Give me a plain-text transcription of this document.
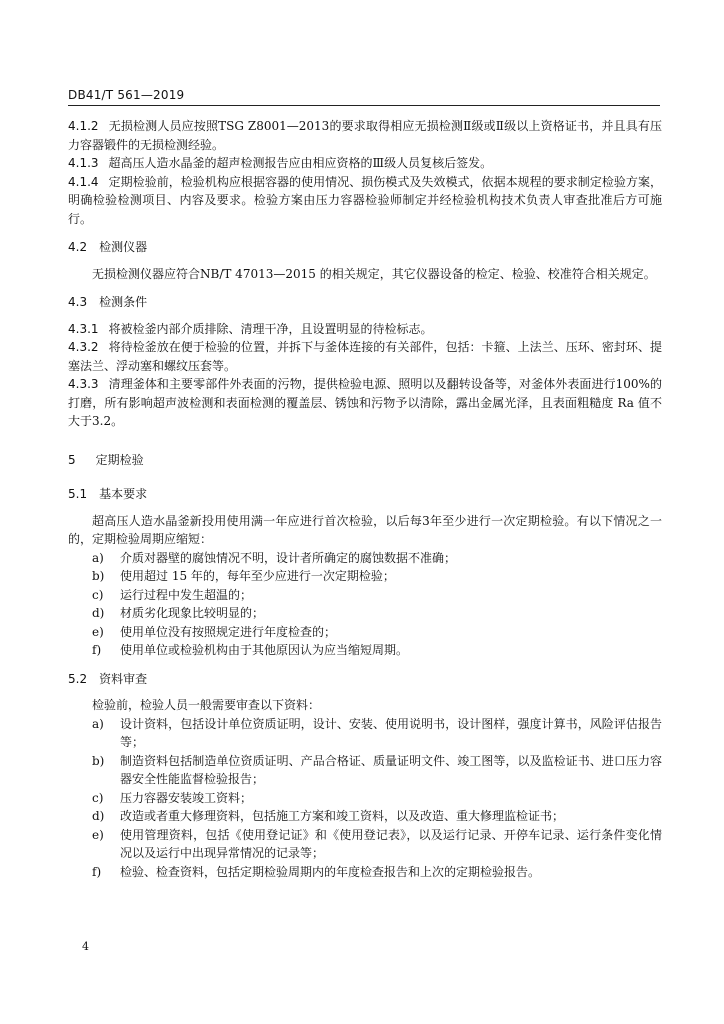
DB41/T 561—2019

4.1.2 无损检测人员应按照TSG Z8001—2013的要求取得相应无损检测Ⅱ级或Ⅱ级以上资格证书，并且具有压力容器锻件的无损检测经验。

4.1.3 超高压人造水晶釜的超声检测报告应由相应资格的Ⅲ级人员复核后签发。

4.1.4 定期检验前，检验机构应根据容器的使用情况、损伤模式及失效模式，依据本规程的要求制定检验方案，明确检验检测项目、内容及要求。检验方案由压力容器检验师制定并经检验机构技术负责人审查批准后方可施行。

4.2 检测仪器

无损检测仪器应符合NB/T 47013—2015 的相关规定，其它仪器设备的检定、检验、校准符合相关规定。

4.3 检测条件

4.3.1 将被检釜内部介质排除、清理干净，且设置明显的待检标志。

4.3.2 将待检釜放在便于检验的位置，并拆下与釜体连接的有关部件，包括：卡箍、上法兰、压环、密封环、提塞法兰、浮动塞和螺纹压套等。

4.3.3 清理釜体和主要零部件外表面的污物，提供检验电源、照明以及翻转设备等，对釜体外表面进行100%的打磨，所有影响超声波检测和表面检测的覆盖层、锈蚀和污物予以清除，露出金属光泽，且表面粗糙度 Ra 值不大于3.2。

5 定期检验

5.1 基本要求

超高压人造水晶釜新投用使用满一年应进行首次检验，以后每3年至少进行一次定期检验。有以下情况之一的，定期检验周期应缩短：

a) 介质对器壁的腐蚀情况不明，设计者所确定的腐蚀数据不准确；
b) 使用超过 15 年的，每年至少应进行一次定期检验；
c) 运行过程中发生超温的；
d) 材质劣化现象比较明显的；
e) 使用单位没有按照规定进行年度检查的；
f) 使用单位或检验机构由于其他原因认为应当缩短周期。

5.2 资料审查

检验前，检验人员一般需要审查以下资料：

a) 设计资料，包括设计单位资质证明，设计、安装、使用说明书，设计图样，强度计算书，风险评估报告等；
b) 制造资料包括制造单位资质证明、产品合格证、质量证明文件、竣工图等，以及监检证书、进口压力容器安全性能监督检验报告；
c) 压力容器安装竣工资料；
d) 改造或者重大修理资料，包括施工方案和竣工资料，以及改造、重大修理监检证书；
e) 使用管理资料，包括《使用登记证》和《使用登记表》，以及运行记录、开停车记录、运行条件变化情况以及运行中出现异常情况的记录等；
f) 检验、检查资料，包括定期检验周期内的年度检查报告和上次的定期检验报告。
4
